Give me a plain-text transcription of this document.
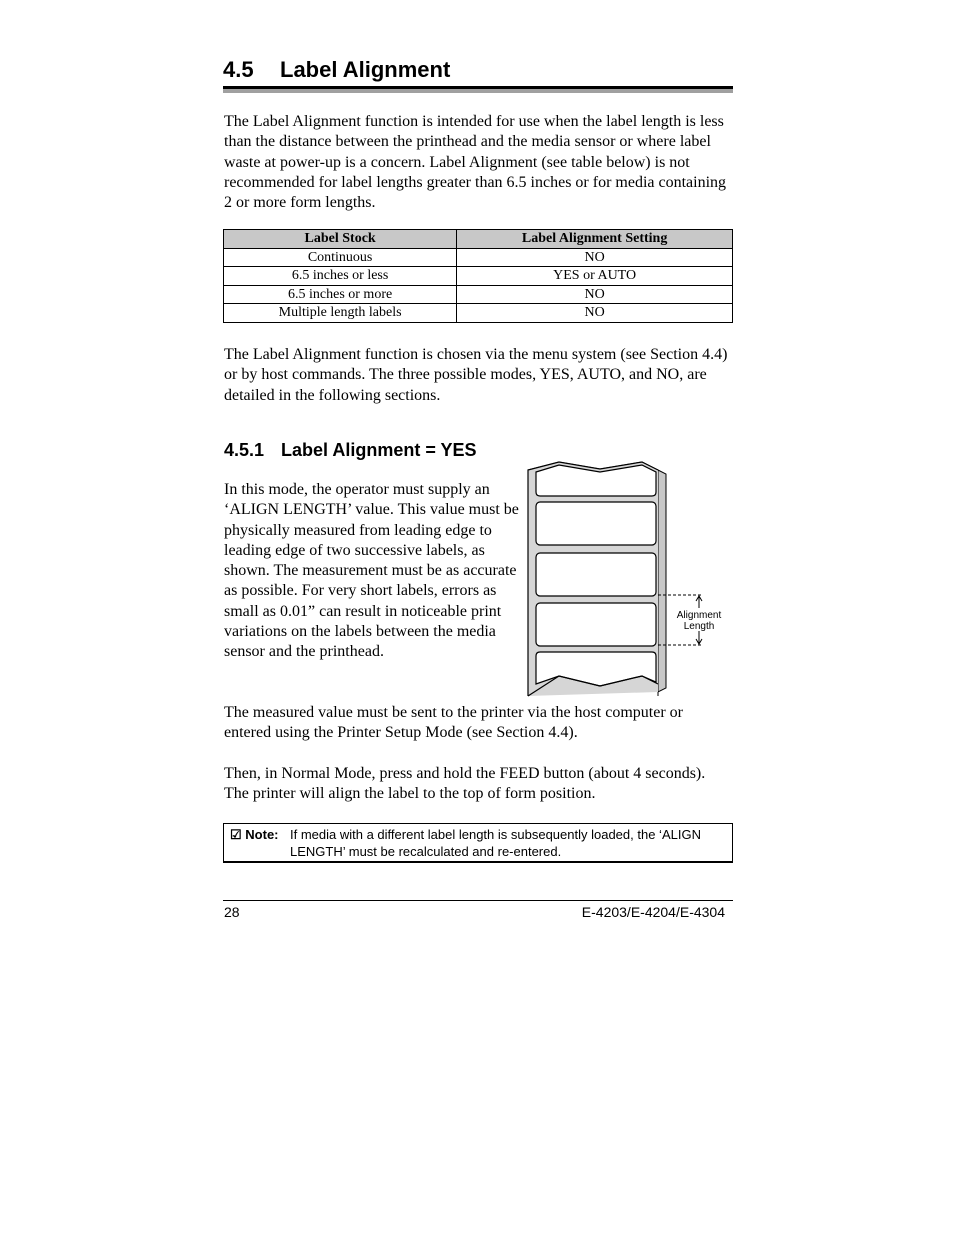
4.5 Label Alignment

The Label Alignment function is intended for use when the label length is less than the distance between the printhead and the media sensor or where label waste at power-up is a concern. Label Alignment (see table below) is not recommended for label lengths greater than 6.5 inches or for media containing 2 or more form lengths.

Label Stock	Label Alignment Setting
Continuous	NO
6.5 inches or less	YES or AUTO
6.5 inches or more	NO
Multiple length labels	NO

The Label Alignment function is chosen via the menu system (see Section 4.4) or by host commands. The three possible modes, YES, AUTO, and NO, are detailed in the following sections.

4.5.1 Label Alignment = YES

In this mode, the operator must supply an ‘ALIGN LENGTH’ value. This value must be physically measured from leading edge to leading edge of two successive labels, as shown. The measurement must be as accurate as possible. For very short labels, errors as small as 0.01” can result in noticeable print variations on the labels between the media sensor and the printhead.

Alignment
Length

The measured value must be sent to the printer via the host computer or entered using the Printer Setup Mode (see Section 4.4).

Then, in Normal Mode, press and hold the FEED button (about 4 seconds). The printer will align the label to the top of form position.

☑ Note: If media with a different label length is subsequently loaded, the ‘ALIGN LENGTH’ must be recalculated and re-entered.
28	E-4203/E-4204/E-4304
